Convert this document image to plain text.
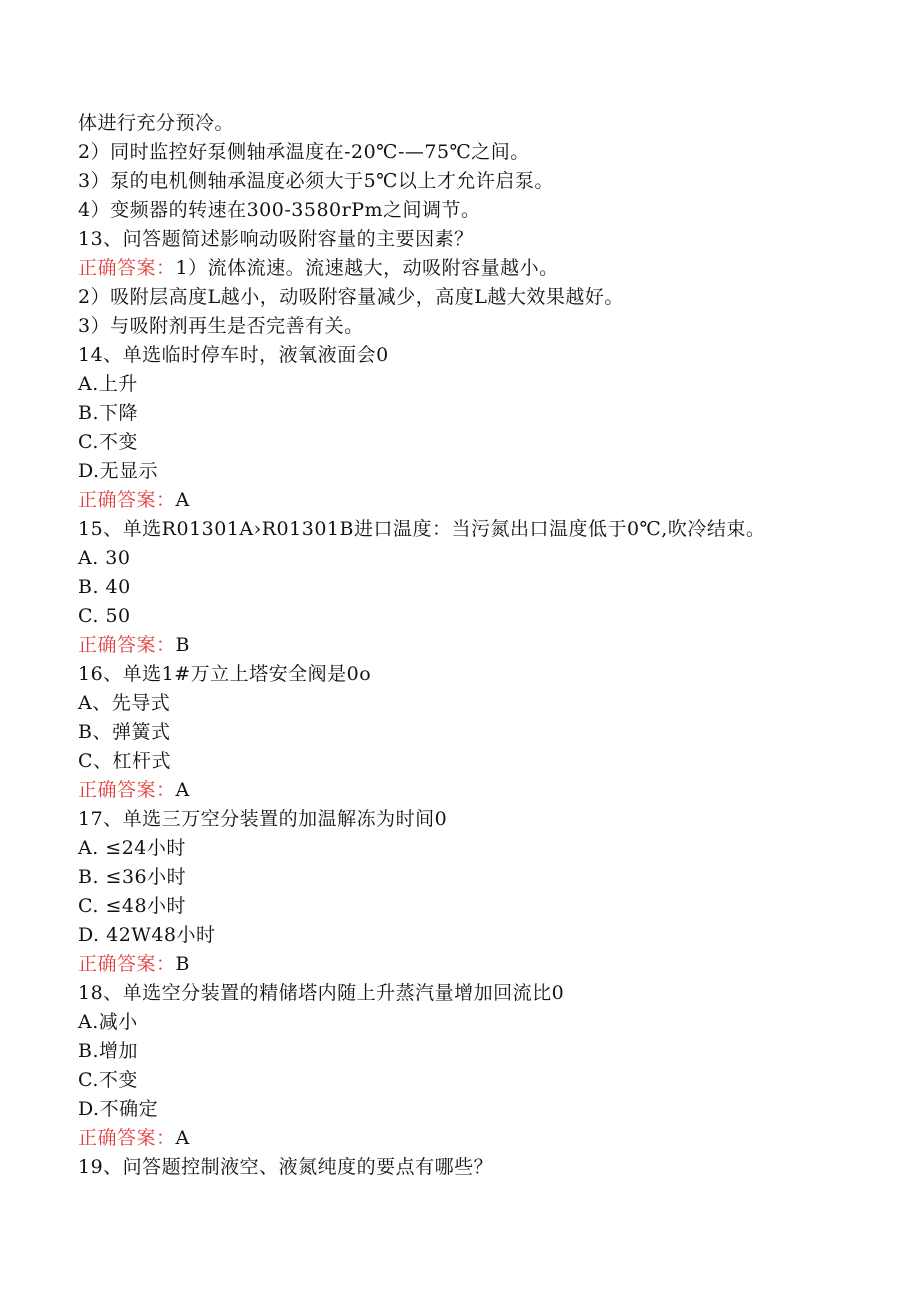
体进行充分预冷。
2）同时监控好泵侧轴承温度在-20℃-—75℃之间。
3）泵的电机侧轴承温度必须大于5℃以上才允许启泵。
4）变频器的转速在300-3580rPm之间调节。
13、问答题简述影响动吸附容量的主要因素？
正确答案：1）流体流速。流速越大，动吸附容量越小。
2）吸附层高度L越小，动吸附容量减少，高度L越大效果越好。
3）与吸附剂再生是否完善有关。
14、单选临时停车时，液氧液面会0
A.上升
B.下降
C.不变
D.无显示
正确答案：A
15、单选R01301A›R01301B进口温度：当污氮出口温度低于0℃,吹冷结束。
A. 30
B. 40
C. 50
正确答案：B
16、单选1#万立上塔安全阀是0o
A、先导式
B、弹簧式
C、杠杆式
正确答案：A
17、单选三万空分装置的加温解冻为时间0
A. ≤24小时
B. ≤36小时
C. ≤48小时
D. 42W48小时
正确答案：B
18、单选空分装置的精储塔内随上升蒸汽量增加回流比0
A.减小
B.增加
C.不变
D.不确定
正确答案：A
19、问答题控制液空、液氮纯度的要点有哪些？
